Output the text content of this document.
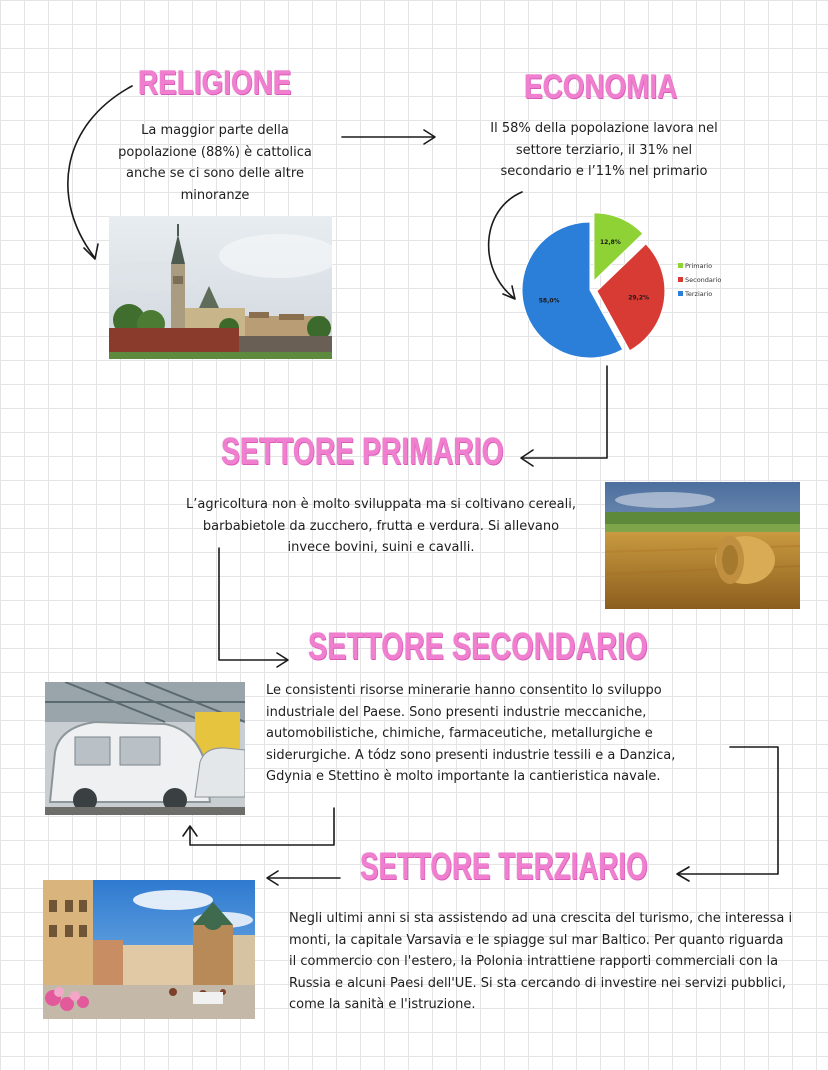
RELIGIONE	ECONOMIA
SETTORE PRIMARIO
SETTORE SECONDARIO
SETTORE TERZIARIO

La maggior parte della popolazione (88%) è cattolica anche se ci sono delle altre minoranze

Il 58% della popolazione lavora nel settore terziario, il 31% nel secondario e l’11% nel primario

L’agricoltura non è molto sviluppata ma si coltivano cereali, barbabietole da zucchero, frutta e verdura. Si allevano invece bovini, suini e cavalli.

Le consistenti risorse minerarie hanno consentito lo sviluppo industriale del Paese. Sono presenti industrie meccaniche, automobilistiche, chimiche, farmaceutiche, metallurgiche e siderurgiche. A tódz sono presenti industrie tessili e a Danzica, Gdynia e Stettino è molto importante la cantieristica navale.

Negli ultimi anni si sta assistendo ad una crescita del turismo, che interessa i monti, la capitale Varsavia e le spiagge sul mar Baltico. Per quanto riguarda il commercio con l'estero, la Polonia intrattiene rapporti commerciali con la Russia e alcuni Paesi dell'UE. Si sta cercando di investire nei servizi pubblici, come la sanità e l'istruzione.

12,8%
29,2%
58,0%
Primario
Secondario
Terziario
